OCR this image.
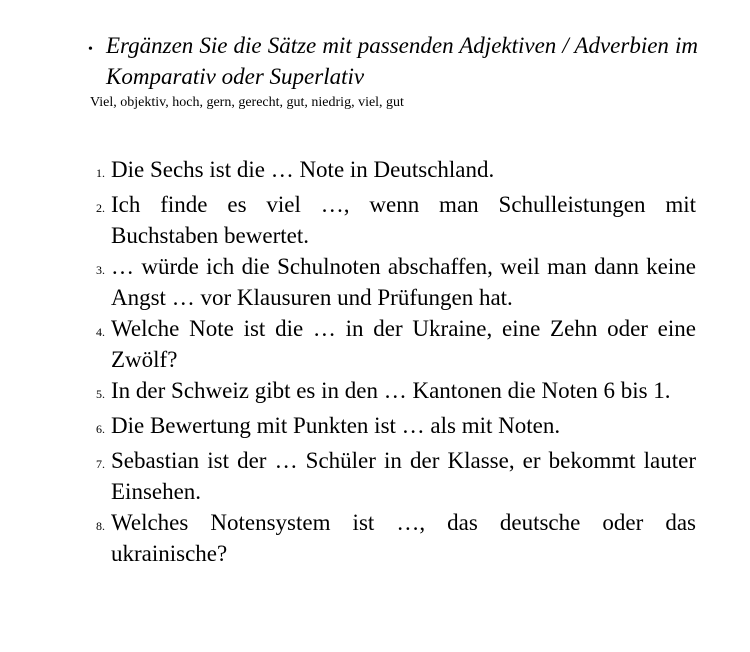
• Ergänzen Sie die Sätze mit passenden Adjektiven / Adverbien im Komparativ oder Superlativ
Viel, objektiv, hoch, gern, gerecht, gut, niedrig, viel, gut
1. Die Sechs ist die … Note in Deutschland.
2. Ich finde es viel …, wenn man Schulleistungen mit Buchstaben bewertet.
3. … würde ich die Schulnoten abschaffen, weil man dann keine Angst … vor Klausuren und Prüfungen hat.
4. Welche Note ist die … in der Ukraine, eine Zehn oder eine Zwölf?
5. In der Schweiz gibt es in den … Kantonen die Noten 6 bis 1.
6. Die Bewertung mit Punkten ist … als mit Noten.
7. Sebastian ist der … Schüler in der Klasse, er bekommt lauter Einsehen.
8. Welches Notensystem ist …, das deutsche oder das ukrainische?
